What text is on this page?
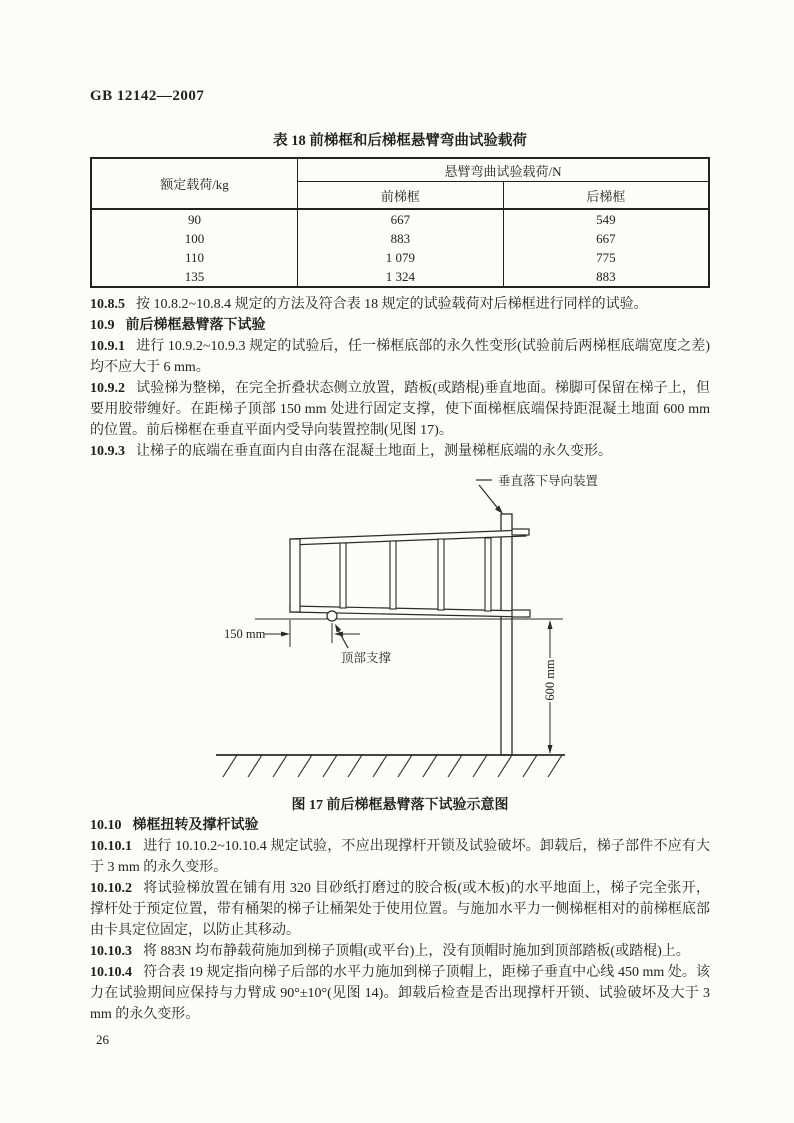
GB 12142—2007

表 18 前梯框和后梯框悬臂弯曲试验载荷

额定载荷/kg	悬臂弯曲试验载荷/N	
	前梯框	后梯框
90	667	549
100	883	667
110	1 079	775
135	1 324	883

10.8.5 按 10.8.2~10.8.4 规定的方法及符合表 18 规定的试验载荷对后梯框进行同样的试验。

10.9 前后梯框悬臂落下试验

10.9.1 进行 10.9.2~10.9.3 规定的试验后，任一梯框底部的永久性变形(试验前后两梯框底端宽度之差)均不应大于 6 mm。

10.9.2 试验梯为整梯，在完全折叠状态侧立放置，踏板(或踏棍)垂直地面。梯脚可保留在梯子上，但要用胶带缠好。在距梯子顶部 150 mm 处进行固定支撑，使下面梯框底端保持距混凝土地面 600 mm 的位置。前后梯框在垂直平面内受导向装置控制(见图 17)。

10.9.3 让梯子的底端在垂直面内自由落在混凝土地面上，测量梯框底端的永久变形。

垂直落下导向装置
150 mm
顶部支撑
600 mm

图 17 前后梯框悬臂落下试验示意图

10.10 梯框扭转及撑杆试验

10.10.1 进行 10.10.2~10.10.4 规定试验，不应出现撑杆开锁及试验破坏。卸载后，梯子部件不应有大于 3 mm 的永久变形。

10.10.2 将试验梯放置在铺有用 320 目砂纸打磨过的胶合板(或木板)的水平地面上，梯子完全张开，撑杆处于预定位置，带有桶架的梯子让桶架处于使用位置。与施加水平力一侧梯框相对的前梯框底部由卡具定位固定，以防止其移动。

10.10.3 将 883N 均布静载荷施加到梯子顶帽(或平台)上，没有顶帽时施加到顶部踏板(或踏棍)上。

10.10.4 符合表 19 规定指向梯子后部的水平力施加到梯子顶帽上，距梯子垂直中心线 450 mm 处。该力在试验期间应保持与力臂成 90°±10°(见图 14)。卸载后检查是否出现撑杆开锁、试验破坏及大于 3 mm 的永久变形。

26
